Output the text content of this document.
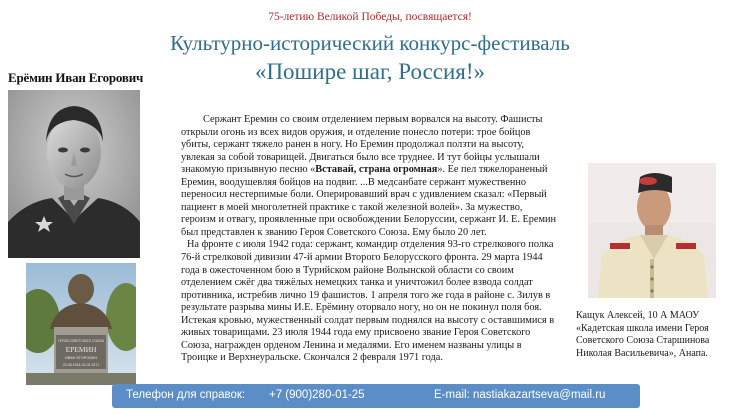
75-летию Великой Победы, посвящается!
Культурно-исторический конкурс-фестиваль
«Пошире шаг, Россия!»
Ерёмин Иван Егорович
ГЕРОЙ СОВЕТСКОГО СОЮЗА
ЕРЕМИН
ИВАН ЕГОРОВИЧ
22.08.1924-02.02.1971

Сержант Еремин со своим отделением первым ворвался на высоту. Фашисты открыли огонь из всех видов оружия, и отделение понесло потери: трое бойцов убиты, сержант тяжело ранен в ногу. Но Еремин продолжал ползти на высоту, увлекая за собой товарищей. Двигаться было все труднее. И тут бойцы услышали знакомую призывную песню «Вставай, страна огромная». Ее пел тяжелораненый Еремин, воодушевляя бойцов на подвиг. ...В медсанбате сержант мужественно переносил нестерпимые боли. Оперировавший врач с удивлением сказал: «Первый пациент в моей многолетней практике с такой железной волей». За мужество, героизм и отвагу, проявленные при освобождении Белоруссии, сержант И. Е. Еремин был представлен к званию Героя Советского Союза. Ему было 20 лет.

На фронте с июля 1942 года: сержант, командир отделения 93-го стрелкового полка 76-й стрелковой дивизии 47-й армии Второго Белорусского фронта. 29 марта 1944 года в ожесточенном бою в Турийском районе Волынской области со своим отделением сжёг два тяжёлых немецких танка и уничтожил более взвода солдат противника, истребив лично 19 фашистов. 1 апреля того же года в районе с. Зилув в результате разрыва мины И.Е. Ерёмину оторвало ногу, но он не покинул поля боя. Истекая кровью, мужественный солдат первым поднялся на высоту с оставшимися в живых товарищами. 23 июля 1944 года ему присвоено звание Героя Советского Союза, награжден орденом Ленина и медалями. Его именем названы улицы в Троицке и Верхнеуральске. Скончался 2 февраля 1971 года.

Кащук Алексей, 10 А МАОУ «Кадетская школа имени Героя Советского Союза Старшинова Николая Васильевича», Анапа.
Телефон для справок: +7 (900)280-01-25	E-mail: nastiakazartseva@mail.ru
